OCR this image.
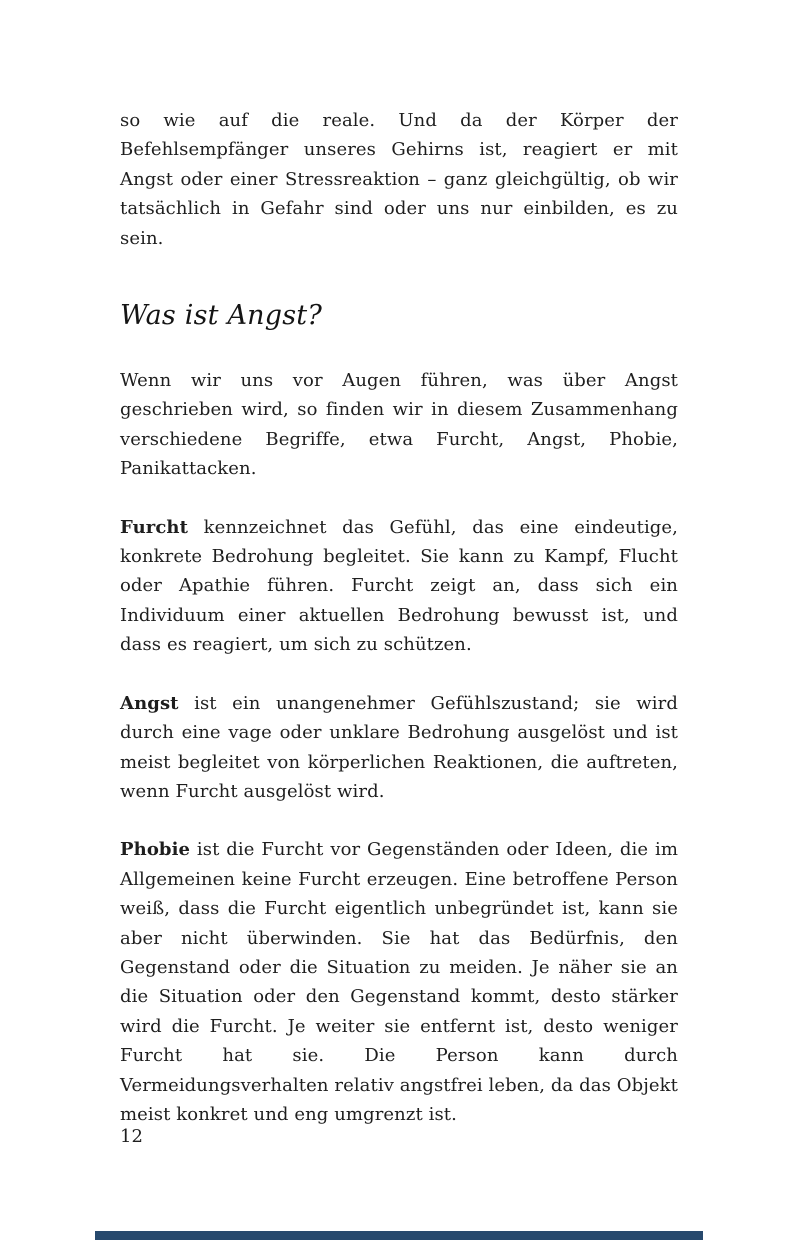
so wie auf die reale. Und da der Körper der Befehlsempfänger unseres Gehirns ist, reagiert er mit Angst oder einer Stressreaktion – ganz gleichgültig, ob wir tatsächlich in Gefahr sind oder uns nur einbilden, es zu sein.

Was ist Angst?

Wenn wir uns vor Augen führen, was über Angst geschrieben wird, so finden wir in diesem Zusammenhang verschiedene Begriffe, etwa Furcht, Angst, Phobie, Panikattacken.

Furcht kennzeichnet das Gefühl, das eine eindeutige, konkrete Bedrohung begleitet. Sie kann zu Kampf, Flucht oder Apathie führen. Furcht zeigt an, dass sich ein Individuum einer aktuellen Bedrohung bewusst ist, und dass es reagiert, um sich zu schützen.

Angst ist ein unangenehmer Gefühlszustand; sie wird durch eine vage oder unklare Bedrohung ausgelöst und ist meist begleitet von körperlichen Reaktionen, die auftreten, wenn Furcht ausgelöst wird.

Phobie ist die Furcht vor Gegenständen oder Ideen, die im Allgemeinen keine Furcht erzeugen. Eine betroffene Person weiß, dass die Furcht eigentlich unbegründet ist, kann sie aber nicht überwinden. Sie hat das Bedürfnis, den Gegenstand oder die Situation zu meiden. Je näher sie an die Situation oder den Gegenstand kommt, desto stärker wird die Furcht. Je weiter sie entfernt ist, desto weniger Furcht hat sie. Die Person kann durch Vermeidungsverhalten relativ angstfrei leben, da das Objekt meist konkret und eng umgrenzt ist.

12
